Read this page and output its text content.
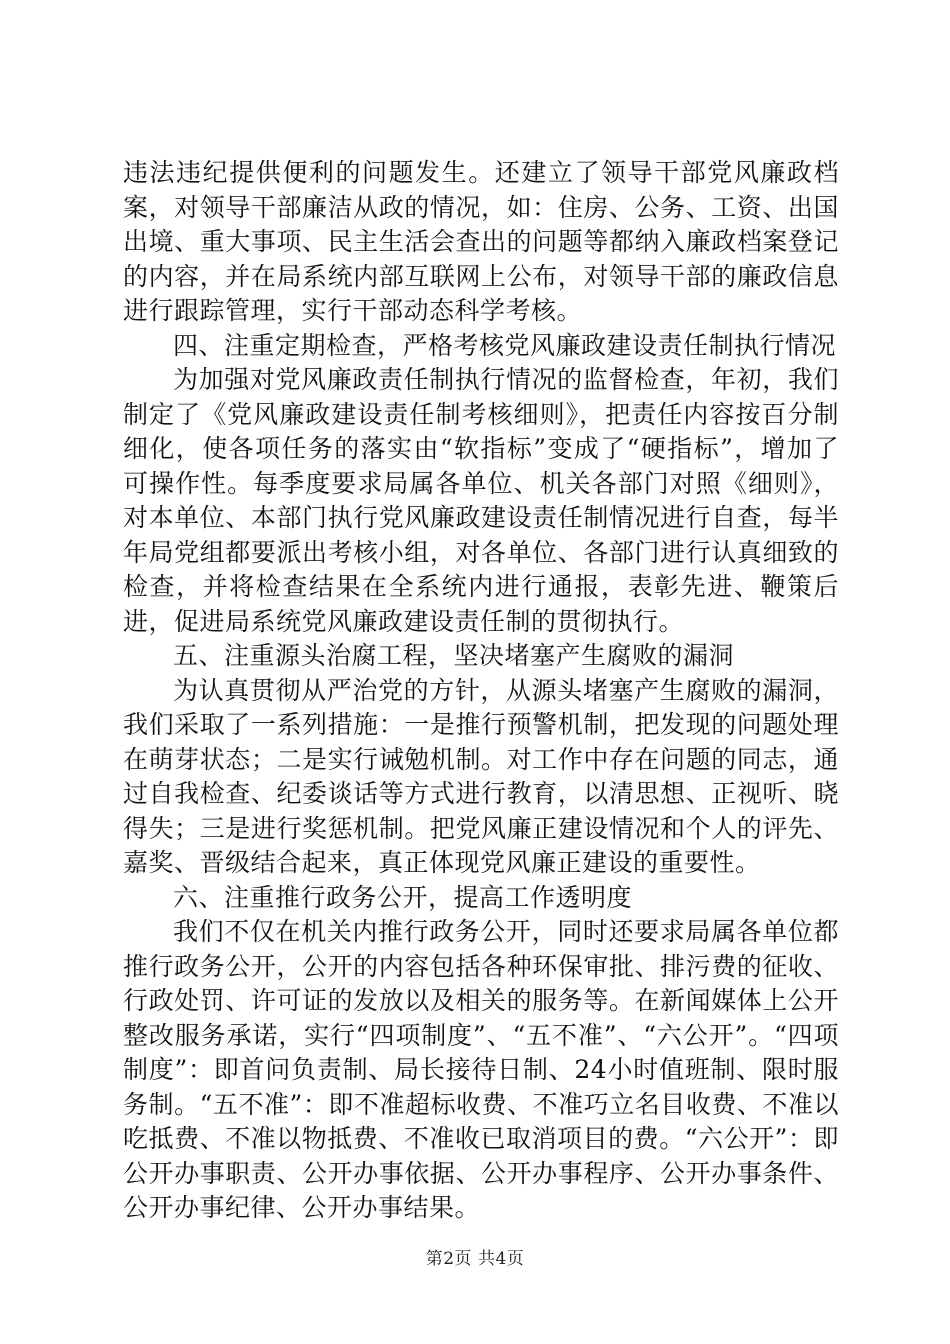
违法违纪提供便利的问题发生。还建立了领导干部党风廉政档案，对领导干部廉洁从政的情况，如：住房、公务、工资、出国出境、重大事项、民主生活会查出的问题等都纳入廉政档案登记的内容，并在局系统内部互联网上公布，对领导干部的廉政信息进行跟踪管理，实行干部动态科学考核。

四、注重定期检查，严格考核党风廉政建设责任制执行情况

为加强对党风廉政责任制执行情况的监督检查，年初，我们制定了《党风廉政建设责任制考核细则》，把责任内容按百分制细化，使各项任务的落实由“软指标”变成了“硬指标”，增加了可操作性。每季度要求局属各单位、机关各部门对照《细则》，对本单位、本部门执行党风廉政建设责任制情况进行自查，每半年局党组都要派出考核小组，对各单位、各部门进行认真细致的检查，并将检查结果在全系统内进行通报，表彰先进、鞭策后进，促进局系统党风廉政建设责任制的贯彻执行。

五、注重源头治腐工程，坚决堵塞产生腐败的漏洞

为认真贯彻从严治党的方针，从源头堵塞产生腐败的漏洞，我们采取了一系列措施：一是推行预警机制，把发现的问题处理在萌芽状态；二是实行诫勉机制。对工作中存在问题的同志，通过自我检查、纪委谈话等方式进行教育，以清思想、正视听、晓得失；三是进行奖惩机制。把党风廉正建设情况和个人的评先、嘉奖、晋级结合起来，真正体现党风廉正建设的重要性。

六、注重推行政务公开，提高工作透明度

我们不仅在机关内推行政务公开，同时还要求局属各单位都推行政务公开，公开的内容包括各种环保审批、排污费的征收、行政处罚、许可证的发放以及相关的服务等。在新闻媒体上公开整改服务承诺，实行“四项制度”、“五不准”、“六公开”。“四项制度”：即首问负责制、局长接待日制、24小时值班制、限时服务制。“五不准”：即不准超标收费、不准巧立名目收费、不准以吃抵费、不准以物抵费、不准收已取消项目的费。“六公开”：即公开办事职责、公开办事依据、公开办事程序、公开办事条件、公开办事纪律、公开办事结果。

第2页 共4页
